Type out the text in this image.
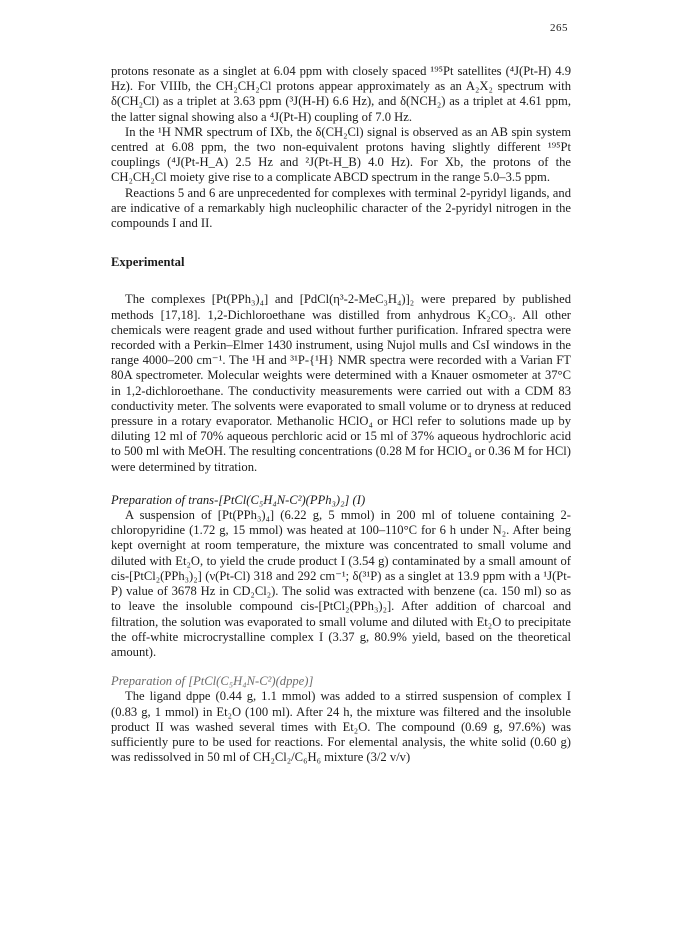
265

protons resonate as a singlet at 6.04 ppm with closely spaced ¹⁹⁵Pt satellites (⁴J(Pt-H) 4.9 Hz). For VIIIb, the CH₂CH₂Cl protons appear approximately as an A₂X₂ spectrum with δ(CH₂Cl) as a triplet at 3.63 ppm (³J(H-H) 6.6 Hz), and δ(NCH₂) as a triplet at 4.61 ppm, the latter signal showing also a ⁴J(Pt-H) coupling of 7.0 Hz.

In the ¹H NMR spectrum of IXb, the δ(CH₂Cl) signal is observed as an AB spin system centred at 6.08 ppm, the two non-equivalent protons having slightly different ¹⁹⁵Pt couplings (⁴J(Pt-H_A) 2.5 Hz and ²J(Pt-H_B) 4.0 Hz). For Xb, the protons of the CH₂CH₂Cl moiety give rise to a complicate ABCD spectrum in the range 5.0–3.5 ppm.

Reactions 5 and 6 are unprecedented for complexes with terminal 2-pyridyl ligands, and are indicative of a remarkably high nucleophilic character of the 2-pyridyl nitrogen in the compounds I and II.

Experimental

The complexes [Pt(PPh₃)₄] and [PdCl(η³-2-MeC₃H₄)]₂ were prepared by published methods [17,18]. 1,2-Dichloroethane was distilled from anhydrous K₂CO₃. All other chemicals were reagent grade and used without further purification. Infrared spectra were recorded with a Perkin–Elmer 1430 instrument, using Nujol mulls and CsI windows in the range 4000–200 cm⁻¹. The ¹H and ³¹P-{¹H} NMR spectra were recorded with a Varian FT 80A spectrometer. Molecular weights were determined with a Knauer osmometer at 37°C in 1,2-dichloroethane. The conductivity measurements were carried out with a CDM 83 conductivity meter. The solvents were evaporated to small volume or to dryness at reduced pressure in a rotary evaporator. Methanolic HClO₄ or HCl refer to solutions made up by diluting 12 ml of 70% aqueous perchloric acid or 15 ml of 37% aqueous hydrochloric acid to 500 ml with MeOH. The resulting concentrations (0.28 M for HClO₄ or 0.36 M for HCl) were determined by titration.

Preparation of trans-[PtCl(C₅H₄N-C²)(PPh₃)₂] (I)

A suspension of [Pt(PPh₃)₄] (6.22 g, 5 mmol) in 200 ml of toluene containing 2-chloropyridine (1.72 g, 15 mmol) was heated at 100–110°C for 6 h under N₂. After being kept overnight at room temperature, the mixture was concentrated to small volume and diluted with Et₂O, to yield the crude product I (3.54 g) contaminated by a small amount of cis-[PtCl₂(PPh₃)₂] (ν(Pt-Cl) 318 and 292 cm⁻¹; δ(³¹P) as a singlet at 13.9 ppm with a ¹J(Pt-P) value of 3678 Hz in CD₂Cl₂). The solid was extracted with benzene (ca. 150 ml) so as to leave the insoluble compound cis-[PtCl₂(PPh₃)₂]. After addition of charcoal and filtration, the solution was evaporated to small volume and diluted with Et₂O to precipitate the off-white microcrystalline complex I (3.37 g, 80.9% yield, based on the theoretical amount).

Preparation of [PtCl(C₅H₄N-C²)(dppe)]

The ligand dppe (0.44 g, 1.1 mmol) was added to a stirred suspension of complex I (0.83 g, 1 mmol) in Et₂O (100 ml). After 24 h, the mixture was filtered and the insoluble product II was washed several times with Et₂O. The compound (0.69 g, 97.6%) was sufficiently pure to be used for reactions. For elemental analysis, the white solid (0.60 g) was redissolved in 50 ml of CH₂Cl₂/C₆H₆ mixture (3/2 v/v)
